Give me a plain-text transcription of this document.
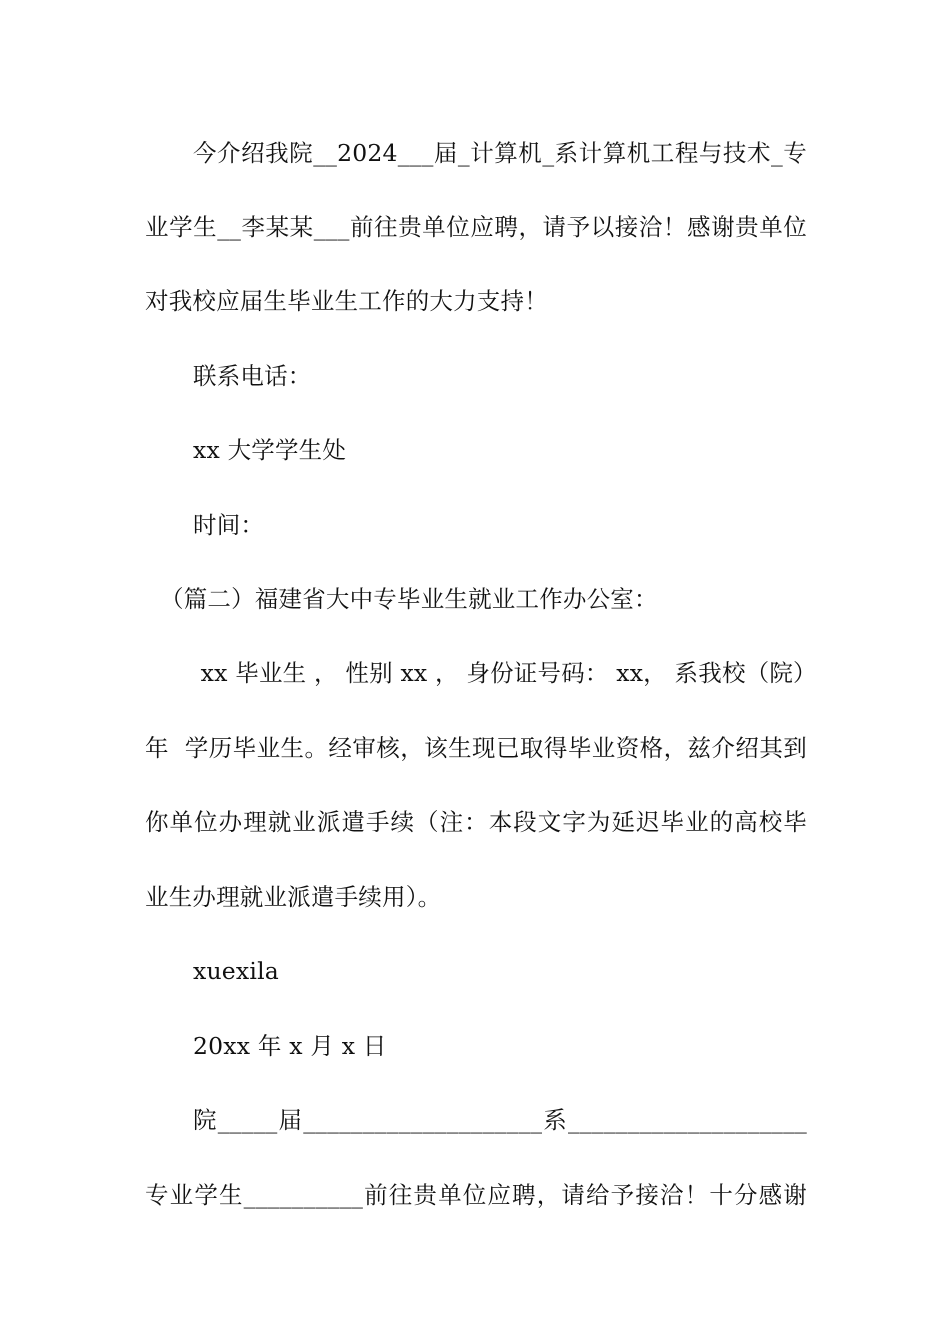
今介绍我院__2024___届_计算机_系计算机工程与技术_专
业学生__李某某___前往贵单位应聘，请予以接洽！感谢贵单位
对我校应届生毕业生工作的大力支持！
联系电话：
xx 大学学生处
时间：
（篇二）福建省大中专毕业生就业工作办公室：
xx 毕业生 ， 性别 xx ， 身份证号码： xx， 系我校（院）
年  学历毕业生。经审核，该生现已取得毕业资格，兹介绍其到
你单位办理就业派遣手续（注：本段文字为延迟毕业的高校毕
业生办理就业派遣手续用）。
xuexila
20xx 年 x 月 x 日
院_____届____________________系____________________
专业学生__________前往贵单位应聘，请给予接洽！十分感谢
